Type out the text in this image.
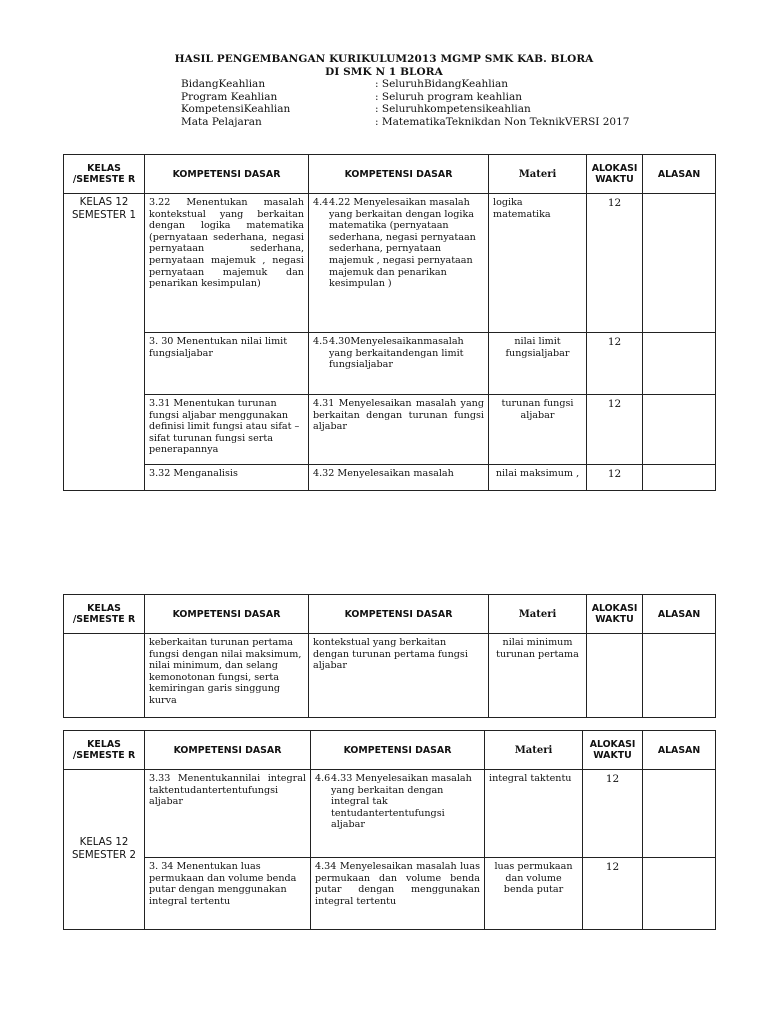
HASIL PENGEMBANGAN KURIKULUM2013 MGMP SMK KAB. BLORA
DI SMK N 1 BLORA
BidangKeahlian	: SeluruhBidangKeahlian
Program Keahlian	: Seluruh program keahlian
KompetensiKeahlian	: Seluruhkompetensikeahlian
Mata Pelajaran	: MatematikaTeknikdan Non TeknikVERSI 2017
KELAS /SEMESTE R	KOMPETENSI DASAR	KOMPETENSI DASAR	Materi	ALOKASI WAKTU	ALASAN
KELAS 12 SEMESTER 1	3.22 Menentukan masalah kontekstual yang berkaitan dengan logika matematika (pernyataan sederhana, negasi pernyataan sederhana, pernyataan majemuk , negasi pernyataan majemuk dan penarikan kesimpulan)	4.4 4.22 Menyelesaikan masalah yang berkaitan dengan logika matematika (pernyataan sederhana, negasi pernyataan sederhana, pernyataan majemuk , negasi pernyataan majemuk dan penarikan kesimpulan )	logika matematika	12	
	3. 30 Menentukan nilai limit fungsialjabar	4.5 4.30Menyelesaikanmasalah yang berkaitandengan limit fungsialjabar	nilai limit fungsialjabar	12	
	3.31 Menentukan turunan fungsi aljabar menggunakan definisi limit fungsi atau sifat – sifat turunan fungsi serta penerapannya	4.31 Menyelesaikan masalah yang berkaitan dengan turunan fungsi aljabar	turunan fungsi aljabar	12	
	3.32 Menganalisis	4.32 Menyelesaikan masalah	nilai maksimum ,	12	
KELAS /SEMESTE R	KOMPETENSI DASAR	KOMPETENSI DASAR	Materi	ALOKASI WAKTU	ALASAN
	keberkaitan turunan pertama fungsi dengan nilai maksimum, nilai minimum, dan selang kemonotonan fungsi, serta kemiringan garis singgung kurva	kontekstual yang berkaitan dengan turunan pertama fungsi aljabar	nilai minimum turunan pertama		
KELAS /SEMESTE R	KOMPETENSI DASAR	KOMPETENSI DASAR	Materi	ALOKASI WAKTU	ALASAN
KELAS 12 SEMESTER 2	3.33 Menentukannilai integral taktentudantertentufungsi aljabar	4.6 4.33 Menyelesaikan masalah yang berkaitan dengan integral tak tentudantertentufungsi aljabar	integral taktentu	12	
	3. 34 Menentukan luas permukaan dan volume benda putar dengan menggunakan integral tertentu	4.34 Menyelesaikan masalah luas permukaan dan volume benda putar dengan menggunakan integral tertentu	luas permukaan dan volume benda putar	12	
